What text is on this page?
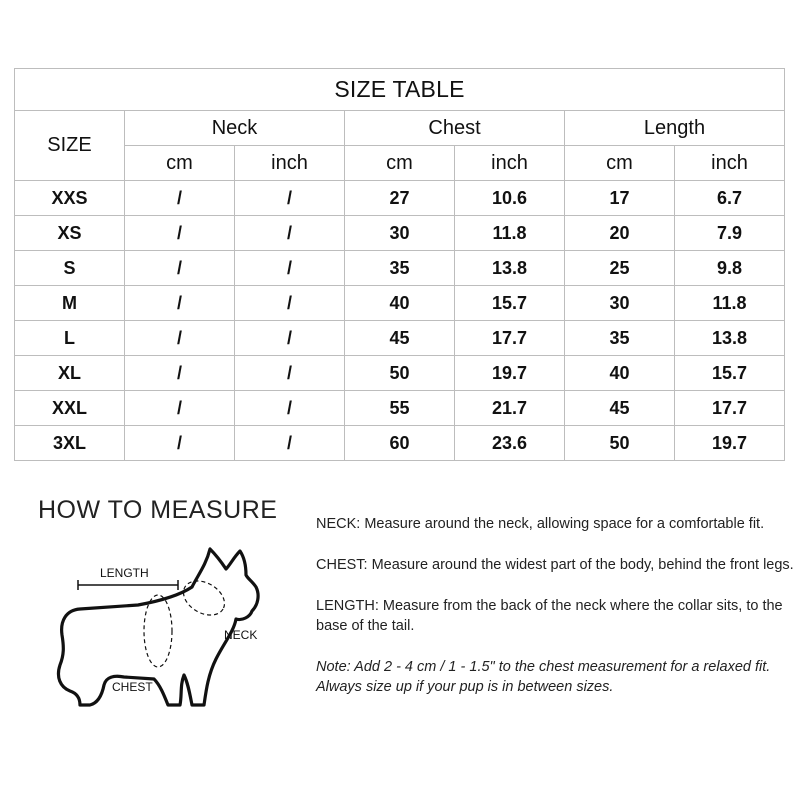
SIZE TABLE						
SIZE	Neck		Chest		Length	
	cm	inch	cm	inch	cm	inch
XXS	/	/	27	10.6	17	6.7
XS	/	/	30	11.8	20	7.9
S	/	/	35	13.8	25	9.8
M	/	/	40	15.7	30	11.8
L	/	/	45	17.7	35	13.8
XL	/	/	50	19.7	40	15.7
XXL	/	/	55	21.7	45	17.7
3XL	/	/	60	23.6	50	19.7
HOW TO MEASURE
LENGTH
NECK
CHEST

NECK: Measure around the neck, allowing space for a comfortable fit.

CHEST: Measure around the widest part of the body, behind the front legs.

LENGTH: Measure from the back of the neck where the collar sits, to the base of the tail.

Note: Add 2 - 4 cm / 1 - 1.5" to the chest measurement for a relaxed fit. Always size up if your pup is in between sizes.
